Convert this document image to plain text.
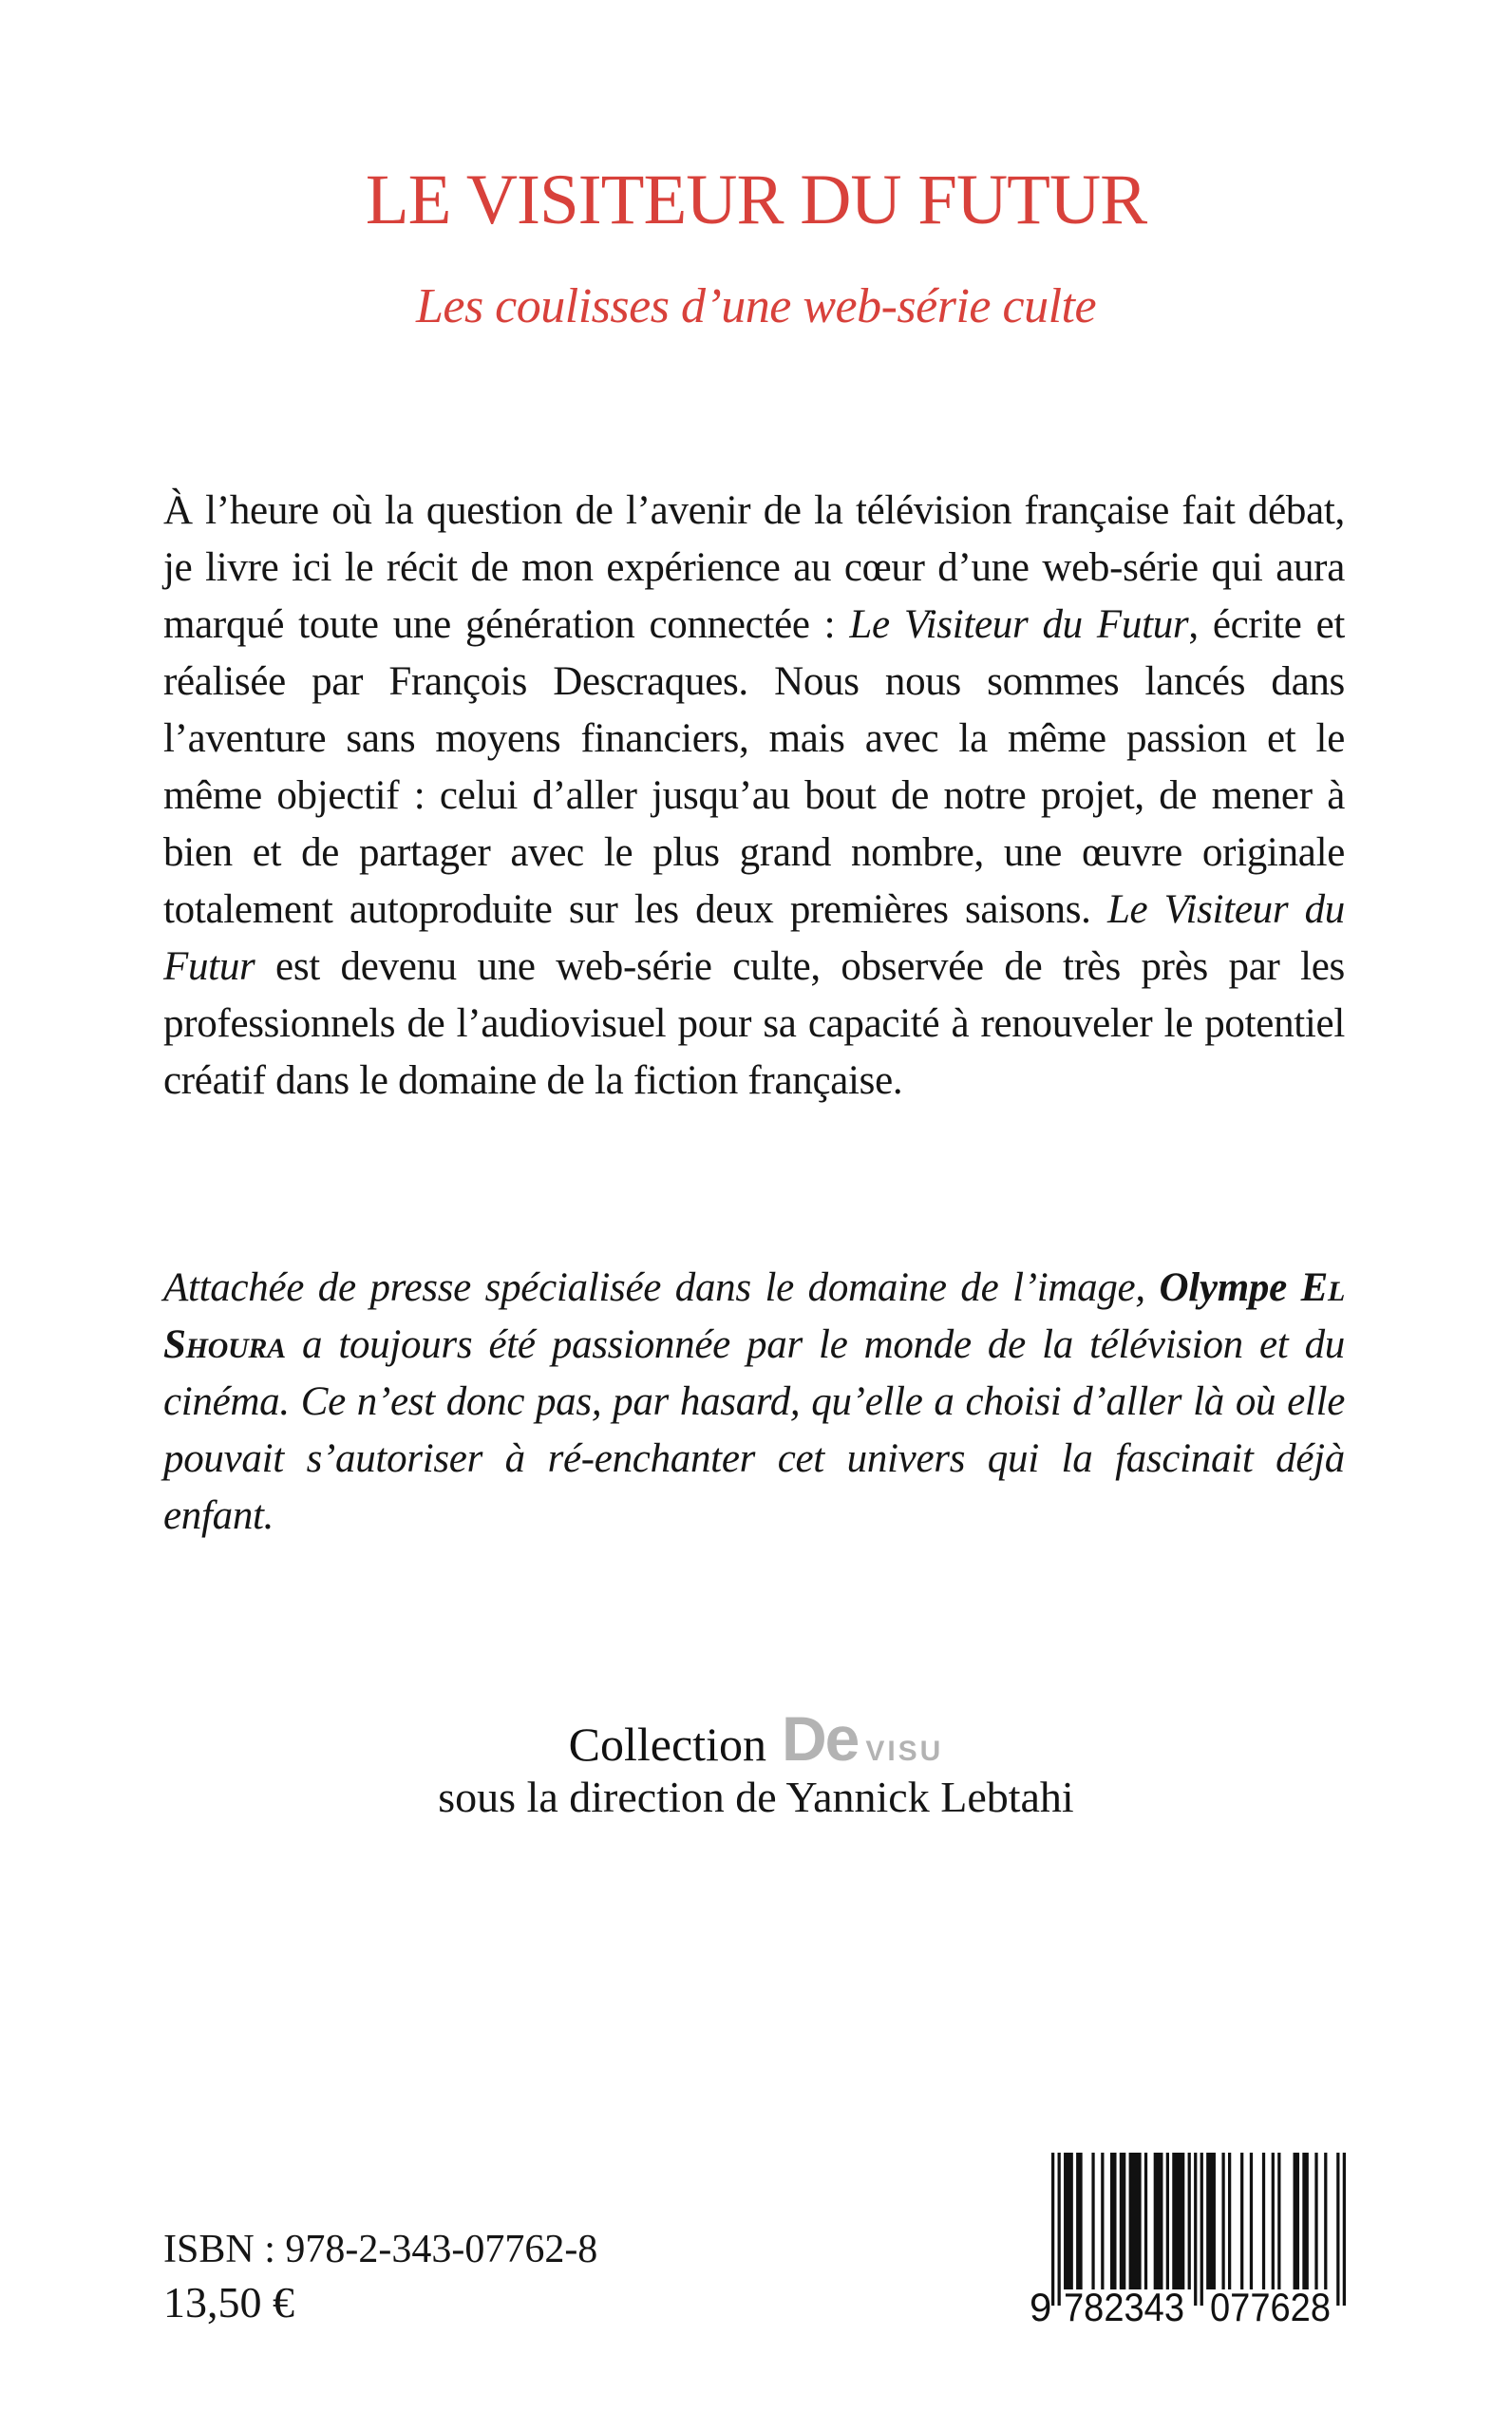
LE VISITEUR DU FUTUR
Les coulisses d’une web-série culte

À l’heure où la question de l’avenir de la télévision française fait débat, je livre ici le récit de mon expérience au cœur d’une web-série qui aura marqué toute une génération connectée : Le Visiteur du Futur, écrite et réalisée par François Descraques. Nous nous sommes lancés dans l’aventure sans moyens financiers, mais avec la même passion et le même objectif : celui d’aller jusqu’au bout de notre projet, de mener à bien et de partager avec le plus grand nombre, une œuvre originale totalement autoproduite sur les deux premières saisons. Le Visiteur du Futur est devenu une web-série culte, observée de très près par les professionnels de l’audiovisuel pour sa capacité à renouveler le potentiel créatif dans le domaine de la fiction française.

Attachée de presse spécialisée dans le domaine de l’image, Olympe El Shoura a toujours été passionnée par le monde de la télévision et du cinéma. Ce n’est donc pas, par hasard, qu’elle a choisi d’aller là où elle pouvait s’autoriser à ré-enchanter cet univers qui la fascinait déjà enfant.

Collection De VISU
sous la direction de Yannick Lebtahi
ISBN : 978-2-343-07762-8
13,50 €	9 782343 077628
